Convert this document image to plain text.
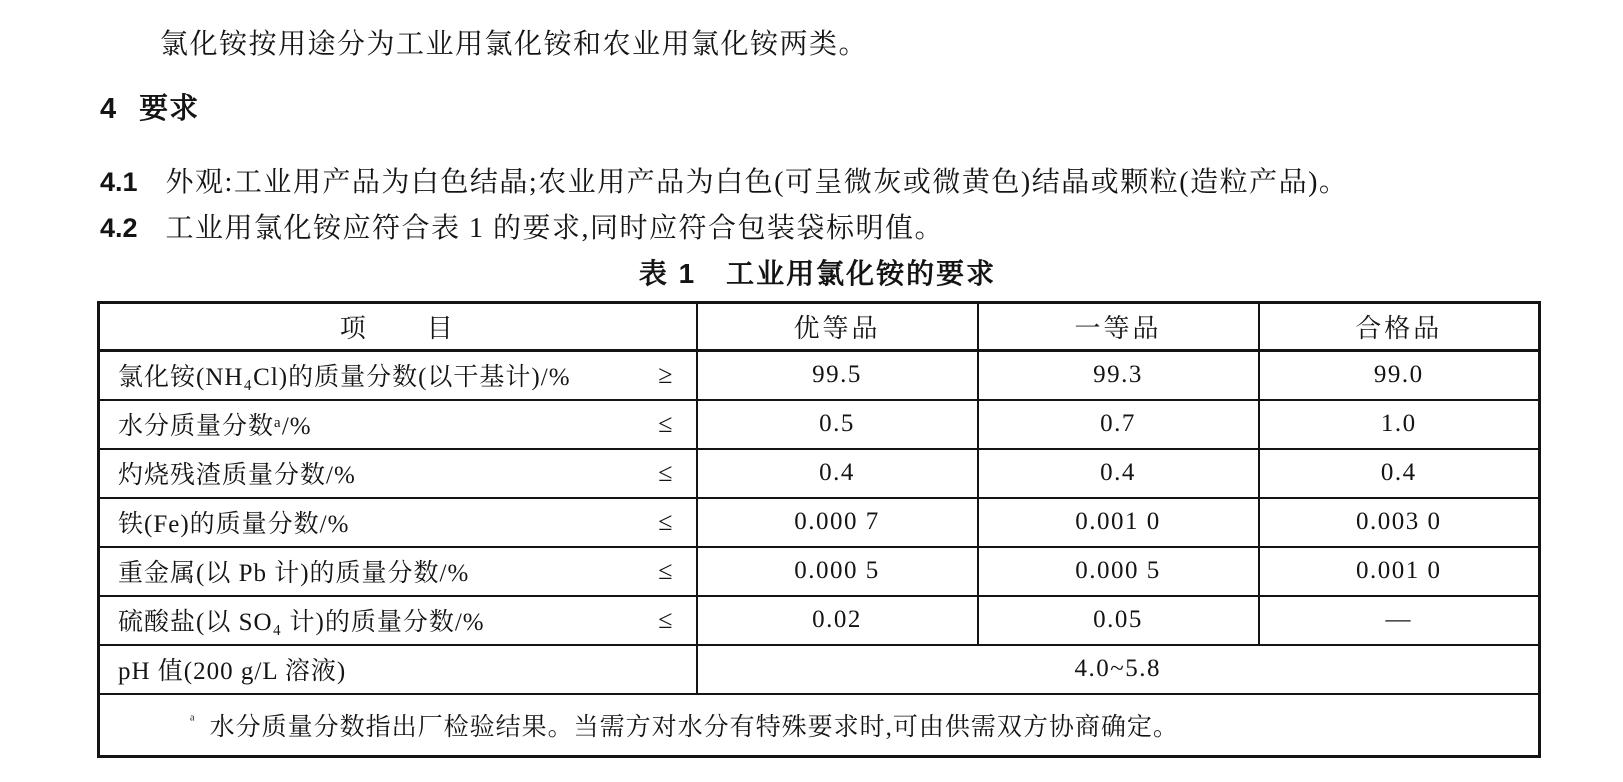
氯化铵按用途分为工业用氯化铵和农业用氯化铵两类。
4 要求
4.1 外观:工业用产品为白色结晶;农业用产品为白色(可呈微灰或微黄色)结晶或颗粒(造粒产品)。
4.2 工业用氯化铵应符合表 1 的要求,同时应符合包装袋标明值。
表 1　工业用氯化铵的要求
项　　目	优等品	一等品	合格品

氯化铵(NH₄Cl)的质量分数(以干基计)/% ≥	99.5	99.3	99.0

水分质量分数ᵃ/% ≤	0.5	0.7	1.0

灼烧残渣质量分数/% ≤	0.4	0.4	0.4

铁(Fe)的质量分数/% ≤	0.000 7	0.001 0	0.003 0

重金属(以 Pb 计)的质量分数/% ≤	0.000 5	0.000 5	0.001 0

硫酸盐(以 SO₄ 计)的质量分数/% ≤	0.02	0.05	—

pH 值(200 g/L 溶液)	4.0~5.8		
$^ᵃ$ 水分质量分数指出厂检验结果。当需方对水分有特殊要求时,可由供需双方协商确定。			
